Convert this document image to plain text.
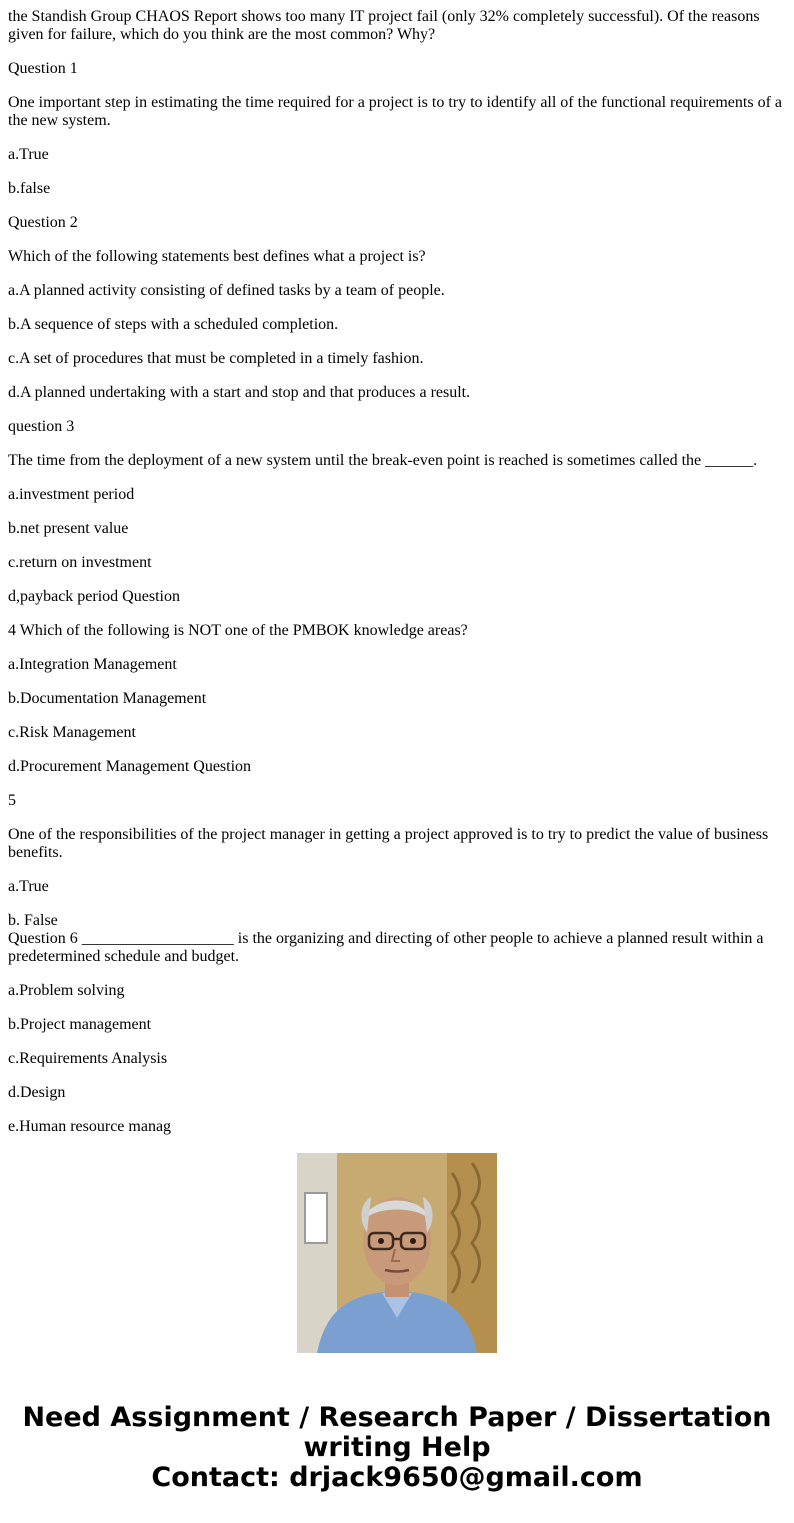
the Standish Group CHAOS Report shows too many IT project fail (only 32% completely successful). Of the reasons given for failure, which do you think are the most common? Why?

Question 1

One important step in estimating the time required for a project is to try to identify all of the functional requirements of a the new system.

a.True

b.false

Question 2

Which of the following statements best defines what a project is?

a.A planned activity consisting of defined tasks by a team of people.

b.A sequence of steps with a scheduled completion.

c.A set of procedures that must be completed in a timely fashion.

d.A planned undertaking with a start and stop and that produces a result.

question 3

The time from the deployment of a new system until the break-even point is reached is sometimes called the ______.

a.investment period

b.net present value

c.return on investment

d,payback period Question

4 Which of the following is NOT one of the PMBOK knowledge areas?

a.Integration Management

b.Documentation Management

c.Risk Management

d.Procurement Management Question

5

One of the responsibilities of the project manager in getting a project approved is to try to predict the value of business benefits.

a.True

b. False

Question 6 ___________________ is the organizing and directing of other people to achieve a planned result within a predetermined schedule and budget.

a.Problem solving

b.Project management

c.Requirements Analysis

d.Design

e.Human resource manag

Need Assignment / Research Paper / Dissertation
writing Help
Contact: drjack9650@gmail.com
